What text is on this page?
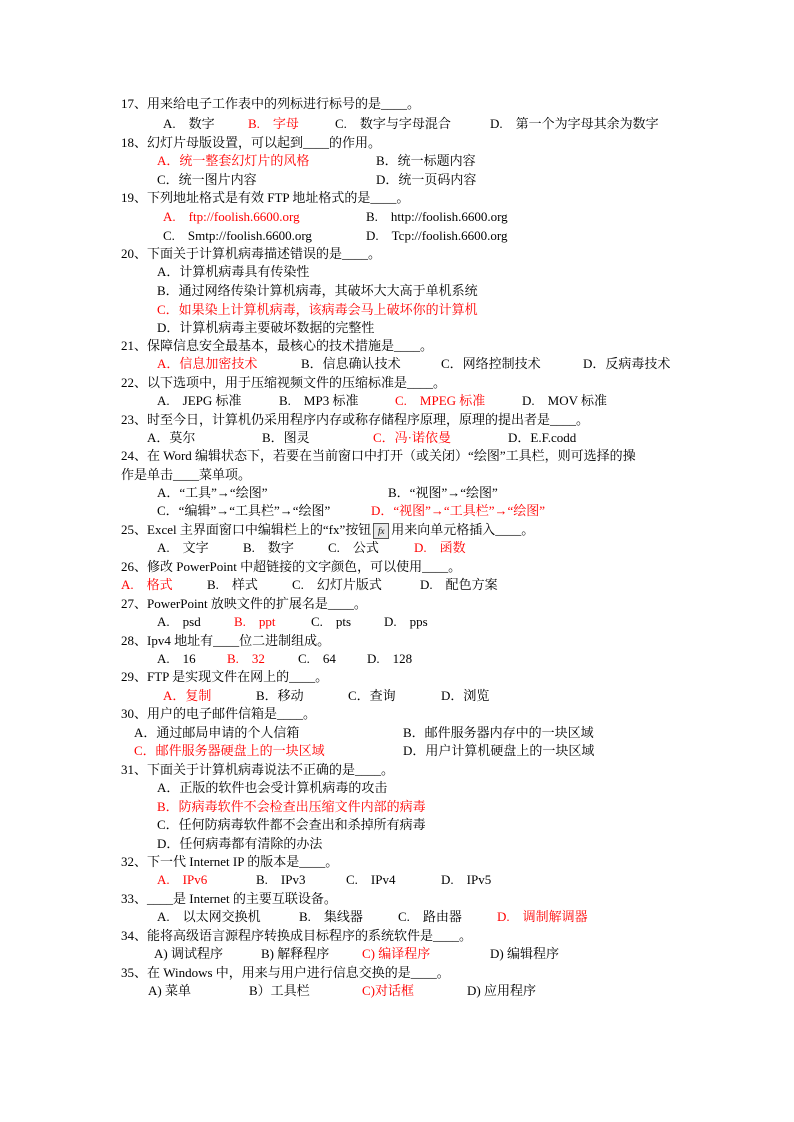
17、用来给电子工作表中的列标进行标号的是____。
A.　数字	B.　字母	C.　数字与字母混合	D.　第一个为字母其余为数字
18、幻灯片母版设置，可以起到____的作用。
A．统一整套幻灯片的风格	B．统一标题内容
C．统一图片内容	D．统一页码内容
19、下列地址格式是有效 FTP 地址格式的是____。
A.　ftp://foolish.6600.org	B.　http://foolish.6600.org
C.　Smtp://foolish.6600.org	D.　Tcp://foolish.6600.org
20、下面关于计算机病毒描述错误的是____。
A．计算机病毒具有传染性
B．通过网络传染计算机病毒，其破坏大大高于单机系统
C．如果染上计算机病毒，该病毒会马上破坏你的计算机
D．计算机病毒主要破坏数据的完整性
21、保障信息安全最基本，最核心的技术措施是____。
A．信息加密技术	B．信息确认技术	C．网络控制技术	D．反病毒技术
22、以下选项中，用于压缩视频文件的压缩标准是____。
A.　JEPG 标准	B.　MP3 标准	C.　MPEG 标准	D.　MOV 标准
23、时至今日，计算机仍采用程序内存或称存储程序原理，原理的提出者是____。
A．莫尔	B．图灵	C．冯·诺依曼	D．E.F.codd
24、在 Word 编辑状态下，若要在当前窗口中打开（或关闭）“绘图”工具栏，则可选择的操
作是单击____菜单项。
A．“工具”→“绘图”	B．“视图”→“绘图”
C．“编辑”→“工具栏”→“绘图”	D．“视图”→“工具栏”→“绘图”
25、Excel 主界面窗口中编辑栏上的“fx”按钮 fx 用来向单元格插入____。
A.　文字	B.　数字	C.　公式	D.　函数
26、修改 PowerPoint 中超链接的文字颜色，可以使用____。
A.　格式	B.　样式	C.　幻灯片版式	D.　配色方案
27、PowerPoint 放映文件的扩展名是____。
A.　psd	B.　ppt	C.　pts	D.　pps
28、Ipv4 地址有____位二进制组成。
A.　16 B.　32	C.　64 D.　128
29、FTP 是实现文件在网上的____。
A．复制	B．移动	C．查询	D．浏览
30、用户的电子邮件信箱是____。
A．通过邮局申请的个人信箱	B．邮件服务器内存中的一块区域
C．邮件服务器硬盘上的一块区域	D．用户计算机硬盘上的一块区域
31、下面关于计算机病毒说法不正确的是____。
A．正版的软件也会受计算机病毒的攻击
B．防病毒软件不会检查出压缩文件内部的病毒
C．任何防病毒软件都不会查出和杀掉所有病毒
D．任何病毒都有清除的办法
32、下一代 Internet IP 的版本是____。
A.　IPv6	B.　IPv3	C.　IPv4	D.　IPv5
33、____是 Internet 的主要互联设备。
A.　以太网交换机	B.　集线器	C.　路由器	D.　调制解调器
34、能将高级语言源程序转换成目标程序的系统软件是____。
A) 调试程序	B) 解释程序	C) 编译程序	D) 编辑程序
35、在 Windows 中，用来与用户进行信息交换的是____。
A) 菜单	B）工具栏	C)对话框	D) 应用程序
